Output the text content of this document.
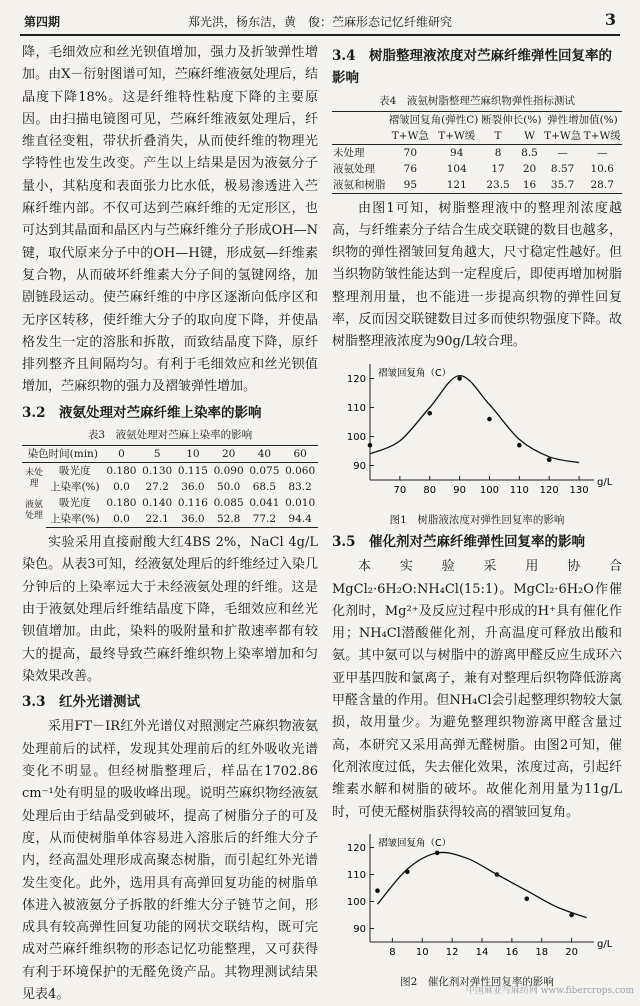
第四期	郑光洪，杨东洁，黄　俊：苎麻形态记忆纤维研究	3

降，毛细效应和丝光钡值增加，强力及折皱弹性增加。由X－衍射图谱可知，苎麻纤维液氨处理后，结晶度下降18%。这是纤维特性粘度下降的主要原因。由扫描电镜图可见，苎麻纤维液氨处理后，纤维直径变粗，带状折叠消失，从而使纤维的物理光学特性也发生改变。产生以上结果是因为液氨分子量小，其粘度和表面张力比水低，极易渗透进入苎麻纤维内部。不仅可达到苎麻纤维的无定形区，也可达到其晶面和晶区内与苎麻纤维分子形成OH—N键，取代原来分子中的OH—H键，形成氨—纤维素复合物，从而破坏纤维素大分子间的氢键网络，加剧链段运动。使苎麻纤维的中序区逐渐向低序区和无序区转移，使纤维大分子的取向度下降，并使晶格发生一定的溶胀和拆散，而致结晶度下降，原纤排列整齐且间隔均匀。有利于毛细效应和丝光钡值增加，苎麻织物的强力及褶皱弹性增加。

3.2　液氨处理对苎麻纤维上染率的影响
表3　液氨处理对苎麻上染率的影响
染色时间(min)		0	5	10	20	40	60
未处理	吸光度	0.180	0.130	0.115	0.090	0.075	0.060
	上染率(%)	0.0	27.2	36.0	50.0	68.5	83.2
液氨处理	吸光度	0.180	0.140	0.116	0.085	0.041	0.010
	上染率(%)	0.0	22.1	36.0	52.8	77.2	94.4

实验采用直接耐酸大红4BS 2%，NaCl 4g/L染色。从表3可知，经液氨处理后的纤维经过入染几分钟后的上染率远大于未经液氨处理的纤维。这是由于液氨处理后纤维结晶度下降，毛细效应和丝光钡值增加。由此，染料的吸附量和扩散速率都有较大的提高，最终导致苎麻纤维织物上染率增加和匀染效果改善。

3.3　红外光谱测试

采用FT－IR红外光谱仪对照测定苎麻织物液氨处理前后的试样，发现其处理前后的红外吸收光谱变化不明显。但经树脂整理后，样品在1702.86 cm⁻¹处有明显的吸收峰出现。说明苎麻织物经液氨处理后由于结晶受到破坏，提高了树脂分子的可及度，从而使树脂单体容易进入溶胀后的纤维大分子内，经高温处理形成高聚态树脂，而引起红外光谱发生变化。此外，选用具有高弹回复功能的树脂单体进入被液氨分子拆散的纤维大分子链节之间，形成具有较高弹性回复功能的网状交联结构，既可完成对苎麻纤维织物的形态记忆功能整理，又可获得有利于环境保护的无醛免烫产品。其物理测试结果见表4。

3.4　树脂整理液浓度对苎麻纤维弹性回复率的影响
表4　液氨树脂整理苎麻织物弹性指标测试
	褶皱回复角(弹性C)		断裂伸长(%)		弹性增加值(%)	
	T+W急	T+W缓	T	W	T+W急	T+W缓
未处理	70	94	8	8.5	—	—
液氨处理	76	104	17	20	8.57	10.6
液氨和树脂	95	121	23.5	16	35.7	28.7

由图1可知，树脂整理液中的整理剂浓度越高，与纤维素分子结合生成交联键的数目也越多，织物的弹性褶皱回复角越大，尺寸稳定性越好。但当织物防皱性能达到一定程度后，即使再增加树脂整理剂用量，也不能进一步提高织物的弹性回复率，反而因交联键数目过多而使织物强度下降。故树脂整理液浓度为90g/L较合理。

90
100
110
120
70 80 90 100 110 120 130
g/L
褶皱回复角（C）
图1　树脂液浓度对弹性回复率的影响
3.5　催化剂对苎麻纤维弹性回复率的影响

本实验采用协合MgCl₂·6H₂O:NH₄Cl(15:1)。MgCl₂·6H₂O作催化剂时，Mg²⁺及反应过程中形成的H⁺具有催化作用；NH₄Cl潜酸催化剂，升高温度可释放出酸和氨。其中氨可以与树脂中的游离甲醛反应生成环六亚甲基四胺和氯离子，兼有对整理后织物降低游离甲醛含量的作用。但NH₄Cl会引起整理织物较大氯损，故用量少。为避免整理织物游离甲醛含量过高，本研究又采用高弹无醛树脂。由图2可知，催化剂浓度过低，失去催化效果，浓度过高，引起纤维素水解和树脂的破坏。故催化剂用量为11g/L时，可使无醛树脂获得较高的褶皱回复角。

90
100
110
120
8 10 12 14 16 18 20
g/L
褶皱回复角（C）
图2　催化剂对弹性回复率的影响
中国麻业与麻纺网 www.fibercrops.com
